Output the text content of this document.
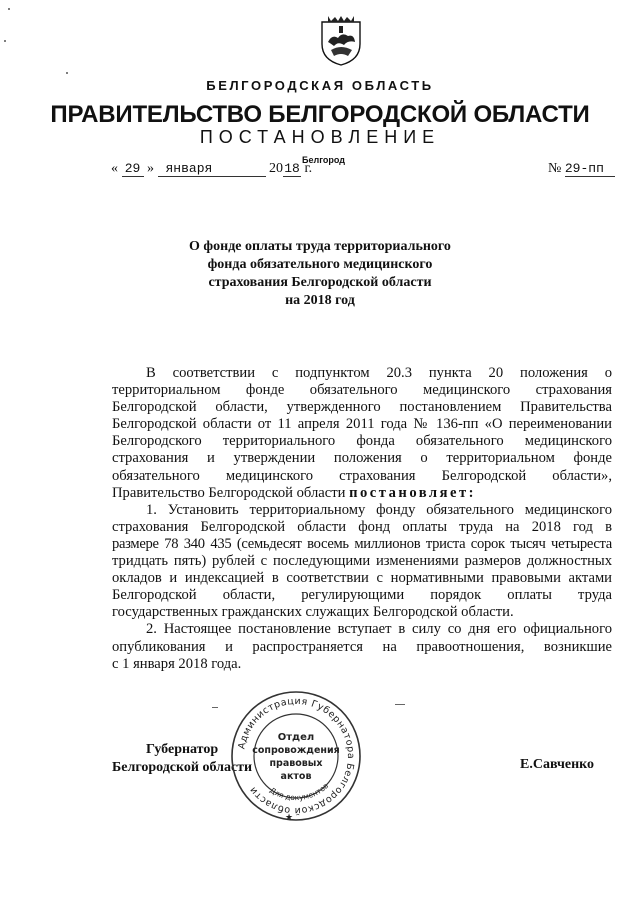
БЕЛГОРОДСКАЯ ОБЛАСТЬ
ПРАВИТЕЛЬСТВО БЕЛГОРОДСКОЙ ОБЛАСТИ
ПОСТАНОВЛЕНИЕ
Белгород
« 29 » января	2018 г.	№ 29-пп
О фонде оплаты труда территориального
фонда обязательного медицинского
страхования Белгородской области
на 2018 год

В соответствии с подпунктом 20.3 пункта 20 положения о

территориальном фонде обязательного медицинского страхования

Белгородской области, утвержденного постановлением Правительства

Белгородской области от 11 апреля 2011 года № 136-пп «О переименовании

Белгородского территориального фонда обязательного медицинского

страхования и утверждении положения о территориальном фонде

обязательного медицинского страхования Белгородской области»,

Правительство Белгородской области постановляет:

1. Установить территориальному фонду обязательного медицинского

страхования Белгородской области фонд оплаты труда на 2018 год в

размере 78 340 435 (семьдесят восемь миллионов триста сорок тысяч четыреста

тридцать пять) рублей с последующими изменениями размеров должностных

окладов и индексацией в соответствии с нормативными правовыми актами

Белгородской области, регулирующими порядок оплаты труда

государственных гражданских служащих Белгородской области.

2. Настоящее постановление вступает в силу со дня его официального

опубликования и распространяется на правоотношения, возникшие

с 1 января 2018 года.

Губернатор
Белгородской области
Администрация Губернатора Белгородской области	Для документов
Отдел
сопровождения
правовых
актов
★
Е.Савченко
